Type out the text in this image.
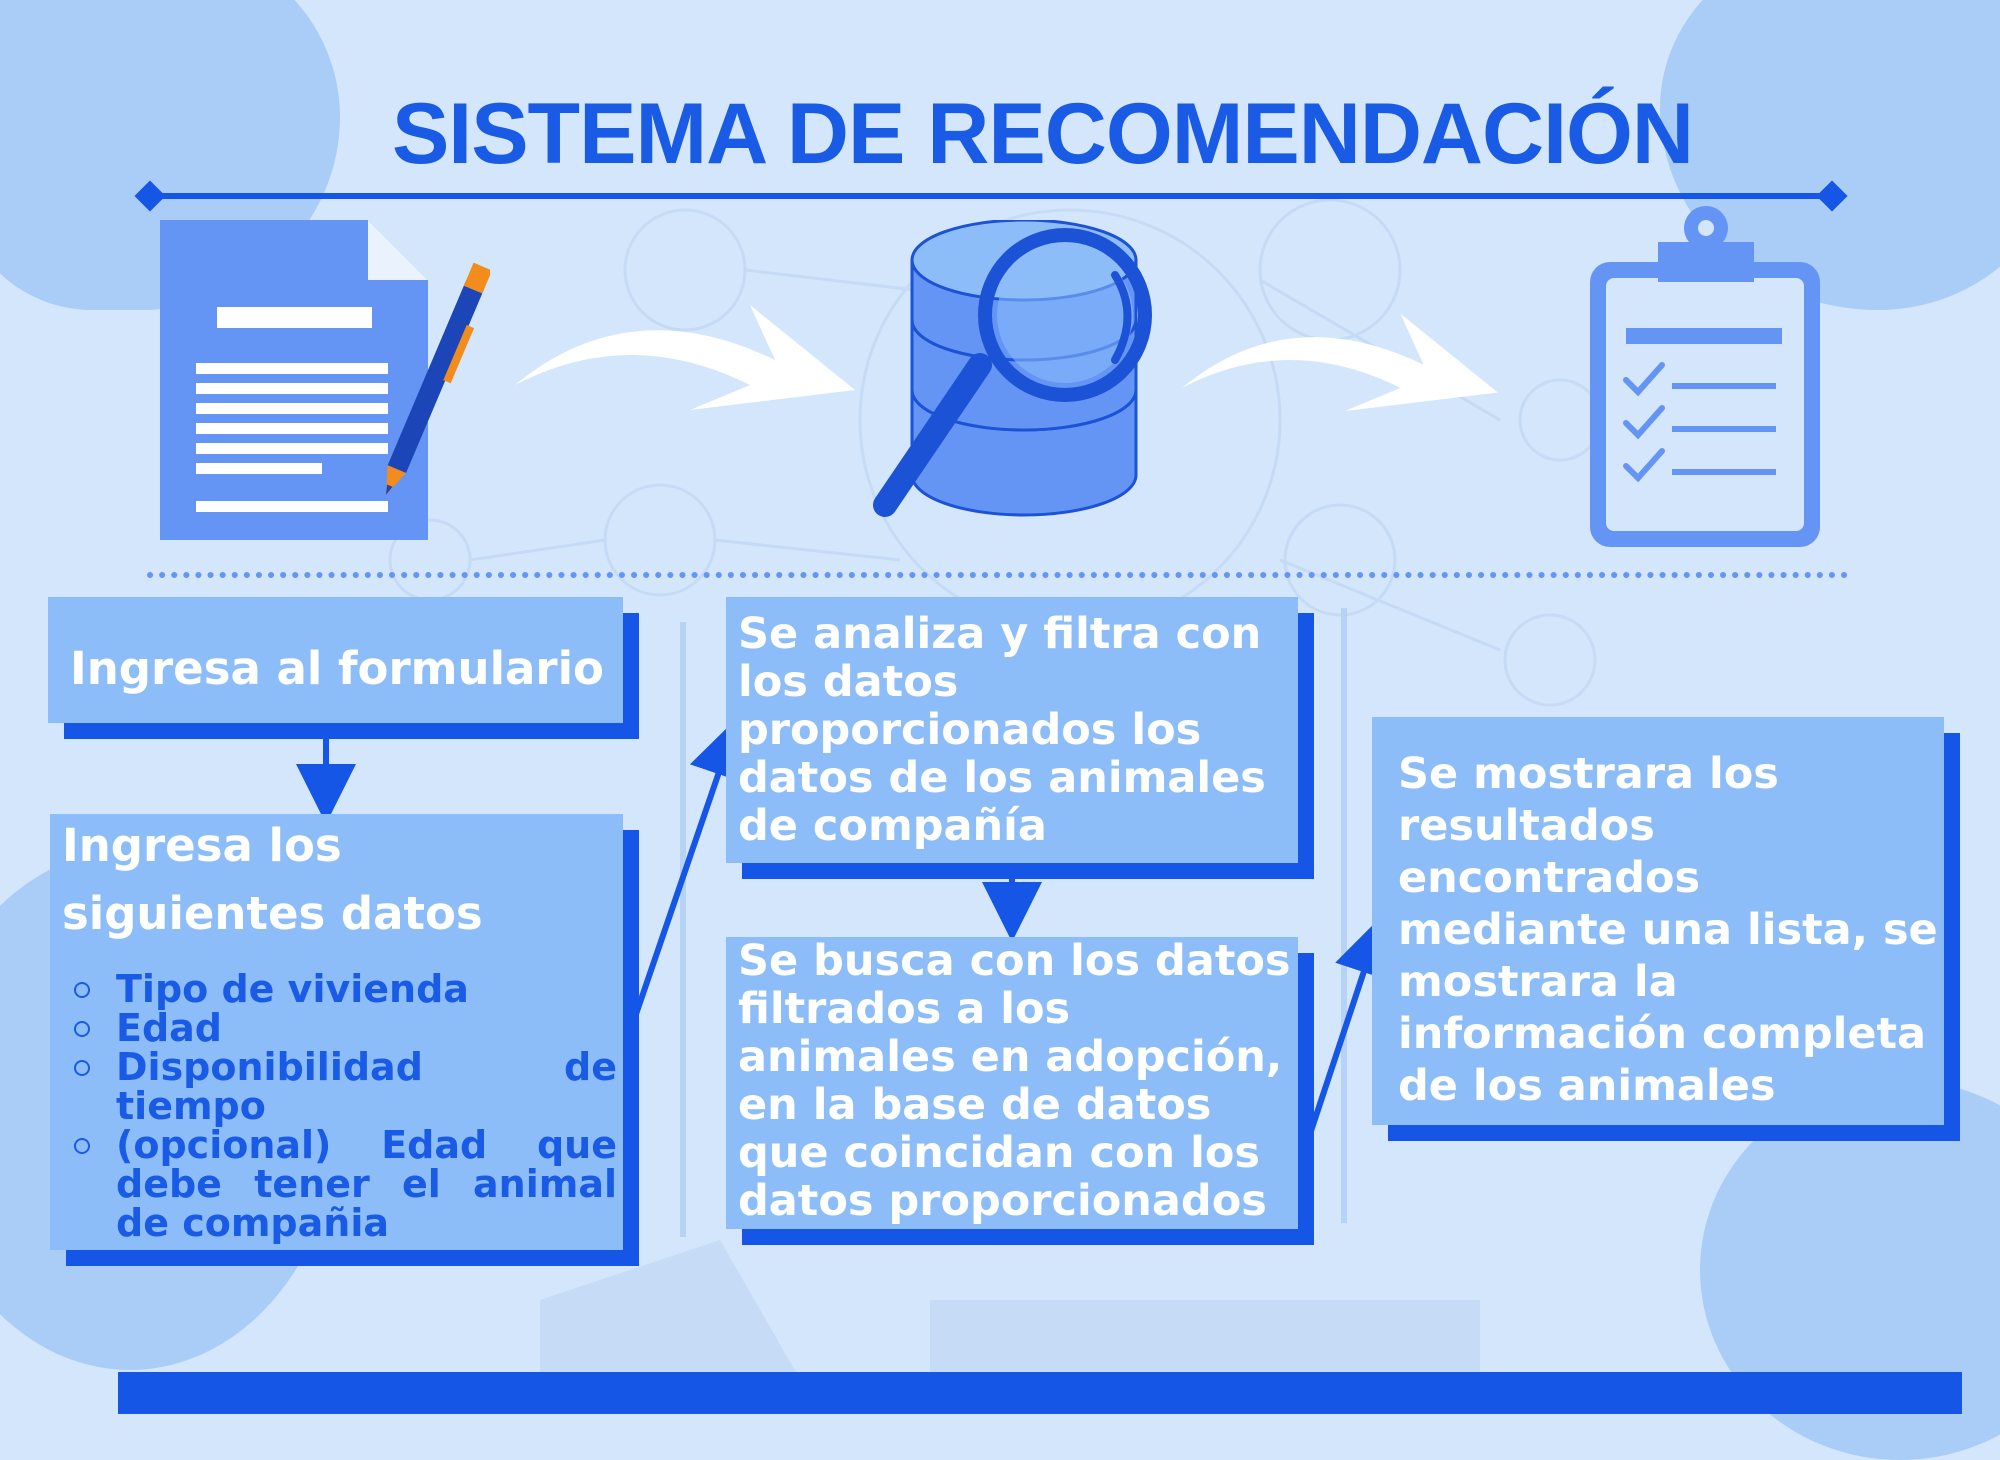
SISTEMA DE RECOMENDACIÓN
Ingresa al formulario
Ingresa los
siguientes datos
Tipo de vivienda
Edad
Disponibilidad de tiempo
(opcional) Edad que debe tener el animal de compañia
Se analiza y filtra con los datos proporcionados los datos de los animales de compañía
Se busca con los datos filtrados a los animales en adopción, en la base de datos que coincidan con los datos proporcionados
Se mostrara los resultados encontrados mediante una lista, se mostrara la información completa de los animales
